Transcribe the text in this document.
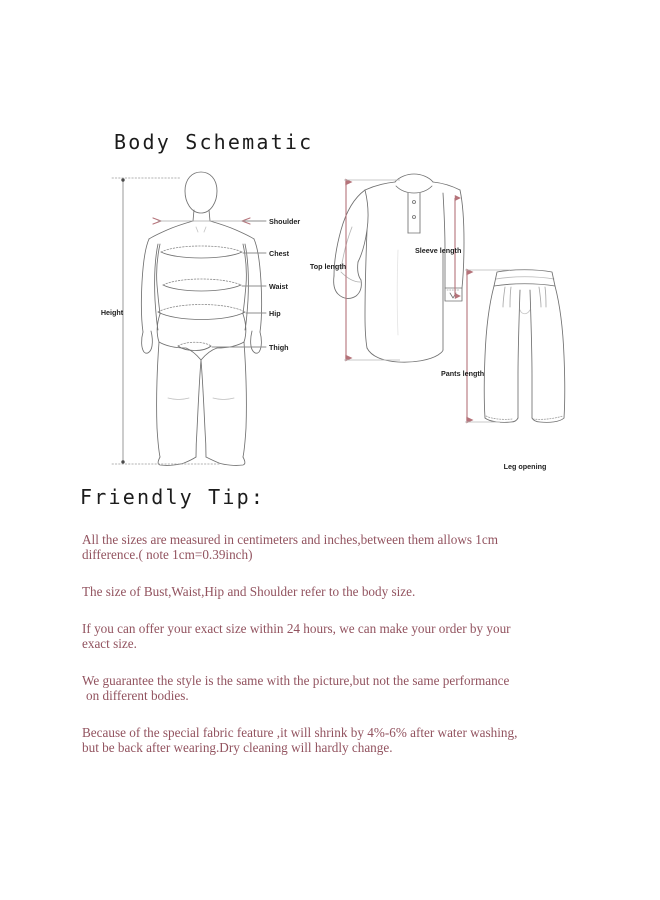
Body Schematic
Height
Shoulder
Chest
Waist
Hip
Thigh
Top length
Sleeve length
Pants length
Leg opening
Friendly Tip:

All the sizes are measured in centimeters and inches,between them allows 1cm

difference.( note 1cm=0.39inch)

The size of Bust,Waist,Hip and Shoulder refer to the body size.

If you can offer your exact size within 24 hours, we can make your order by your

exact size.

We guarantee the style is the same with the picture,but not the same performance

on different bodies.

Because of the special fabric feature ,it will shrink by 4%-6% after water washing,

but be back after wearing.Dry cleaning will hardly change.
